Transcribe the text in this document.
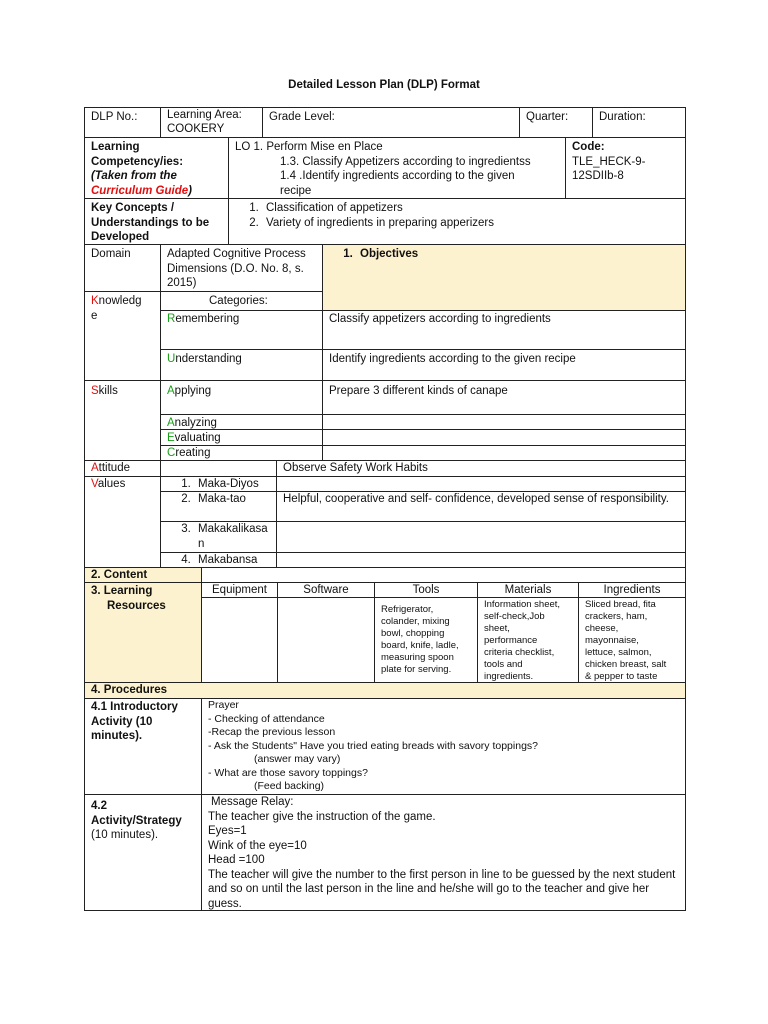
Detailed Lesson Plan (DLP) Format
DLP No.:	Learning Area:
COOKERY
Grade Level:	Quarter:	Duration:
Learning
Competency/ies:
(Taken from the
Curriculum Guide)
LO 1. Perform Mise en Place
1.3. Classify Appetizers according to ingredientss
1.4 .Identify ingredients according to the given
recipe
Code:
TLE_HECK-9-
12SDIIb-8
Key Concepts / Understandings to be Developed
1. Classification of appetizers
2. Variety of ingredients in preparing apperizers
Domain	Adapted Cognitive Process Dimensions (D.O. No. 8, s. 2015)
1. Objectives
Knowledg
e
Categories:
Remembering	Classify appetizers according to ingredients
Understanding	Identify ingredients according to the given recipe
Skills	Applying	Prepare 3 different kinds of canape
Analyzing
Evaluating
Creating
Attitude	Observe Safety Work Habits
Values
1.	Maka-Diyos
2. Maka-tao	Helpful, cooperative and self- confidence, developed sense of responsibility.
3. Makakalikasa
n
4. Makabansa
2. Content
3. Learning
Resources
Equipment	Software	Tools	Materials	Ingredients
Refrigerator,
colander, mixing
bowl, chopping
board, knife, ladle,
measuring spoon
plate for serving.
Information sheet,
self-check,Job
sheet,
performance
criteria checklist,
tools and
ingredients.
Sliced bread, fita
crackers, ham,
cheese,
mayonnaise,
lettuce, salmon,
chicken breast, salt
& pepper to taste
4. Procedures
4.1 Introductory Activity (10 minutes).
Prayer
- Checking of attendance
-Recap the previous lesson
- Ask the Students" Have you tried eating breads with savory toppings?
(answer may vary)
- What are those savory toppings?
(Feed backing)
4.2
Activity/Strategy
(10 minutes).
Message Relay:
The teacher give the instruction of the game.
Eyes=1
Wink of the eye=10
Head =100
The teacher will give the number to the first person in line to be guessed by the next student and so on until the last person in the line and he/she will go to the teacher and give her guess.
